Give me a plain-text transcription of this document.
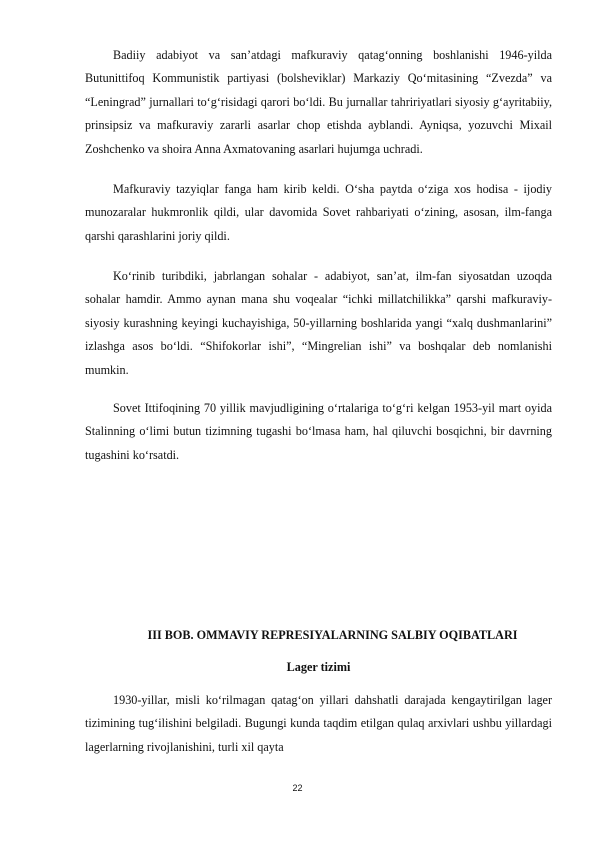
Badiiy adabiyot va san’atdagi mafkuraviy qatag‘onning boshlanishi 1946-yilda Butunittifoq Kommunistik partiyasi (bolsheviklar) Markaziy Qo‘mitasining “Zvezda” va “Leningrad” jurnallari to‘g‘risidagi qarori bo‘ldi. Bu jurnallar tahririyatlari siyosiy g‘ayritabiiy, prinsipsiz va mafkuraviy zararli asarlar chop etishda ayblandi. Ayniqsa, yozuvchi Mixail Zoshchenko va shoira Anna Axmatovaning asarlari hujumga uchradi.

Mafkuraviy tazyiqlar fanga ham kirib keldi. O‘sha paytda o‘ziga xos hodisa - ijodiy munozaralar hukmronlik qildi, ular davomida Sovet rahbariyati o‘zining, asosan, ilm-fanga qarshi qarashlarini joriy qildi.

Ko‘rinib turibdiki, jabrlangan sohalar - adabiyot, san’at, ilm-fan siyosatdan uzoqda sohalar hamdir. Ammo aynan mana shu voqealar “ichki millatchilikka” qarshi mafkuraviy-siyosiy kurashning keyingi kuchayishiga, 50-yillarning boshlarida yangi “xalq dushmanlarini” izlashga asos bo‘ldi. “Shifokorlar ishi”, “Mingrelian ishi” va boshqalar deb nomlanishi mumkin.

Sovet Ittifoqining 70 yillik mavjudligining o‘rtalariga to‘g‘ri kelgan 1953-yil mart oyida Stalinning o‘limi butun tizimning tugashi bo‘lmasa ham, hal qiluvchi bosqichni, bir davrning tugashini ko‘rsatdi.

III BOB. OMMAVIY REPRESIYALARNING SALBIY OQIBATLARI
Lager tizimi

1930-yillar, misli ko‘rilmagan qatag‘on yillari dahshatli darajada kengaytirilgan lager tizimining tug‘ilishini belgiladi. Bugungi kunda taqdim etilgan qulaq arxivlari ushbu yillardagi lagerlarning rivojlanishini, turli xil qayta

22
